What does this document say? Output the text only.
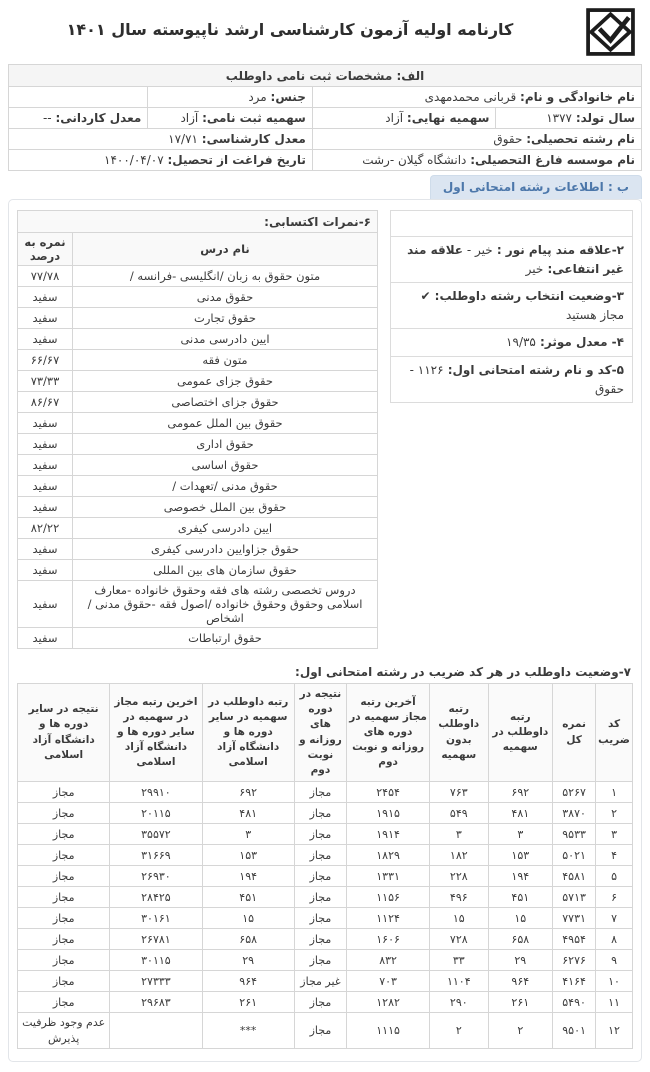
کارنامه اولیه آزمون کارشناسی ارشد ناپیوسته سال ۱۴۰۱
الف: مشخصات ثبت نامی داوطلب			
نام خانوادگی و نام: قربانی محمدمهدی		جنس: مرد	
سال تولد: ۱۳۷۷	سهمیه نهایی: آزاد	سهمیه ثبت نامی: آزاد	معدل کاردانی: --
نام رشته تحصیلی: حقوق		معدل کارشناسی: ۱۷/۷۱	
نام موسسه فارغ التحصیلی: دانشگاه گیلان -رشت		تاریخ فراغت از تحصیل: ۱۴۰۰/۰۴/۰۷	
ب : اطلاعات رشته امتحانی اول
۲-علاقه مند پیام نور : خیر - علاقه مند غیر انتفاعی: خیر
۳-وضعیت انتخاب رشته داوطلب: ✔ مجاز هستید
۴- معدل موثر: ۱۹/۳۵
۵-کد و نام رشته امتحانی اول: ۱۱۲۶ - حقوق
۶-نمرات اکتسابی:	
نام درس	نمره به درصد
متون حقوق به زبان /انگلیسی -فرانسه /	۷۷/۷۸
حقوق مدنی	سفید
حقوق تجارت	سفید
ایین دادرسی مدنی	سفید
متون فقه	۶۶/۶۷
حقوق جزای عمومی	۷۳/۳۳
حقوق جزای اختصاصی	۸۶/۶۷
حقوق بین الملل عمومی	سفید
حقوق اداری	سفید
حقوق اساسی	سفید
حقوق مدنی /تعهدات /	سفید
حقوق بین الملل خصوصی	سفید
ایین دادرسی کیفری	۸۲/۲۲
حقوق جزاوایین دادرسی کیفری	سفید
حقوق سازمان های بین المللی	سفید
دروس تخصصی رشته های فقه وحقوق خانواده -معارف اسلامی وحقوق وحقوق خانواده /اصول فقه -حقوق مدنی /اشخاص	سفید
حقوق ارتباطات	سفید
۷-وضعیت داوطلب در هر کد ضریب در رشته امتحانی اول:
کد ضریب	نمره کل	رتبه داوطلب در سهمیه	رتبه داوطلب بدون سهمیه	آخرین رتبه مجاز سهمیه در دوره های روزانه و نوبت دوم	نتیجه در دوره های روزانه و نوبت دوم	رتبه داوطلب در سهمیه در سایر دوره ها و دانشگاه آزاد اسلامی	اخرین رتبه مجاز در سهمیه در سایر دوره ها و دانشگاه آزاد اسلامی	نتیجه در سایر دوره ها و دانشگاه آزاد اسلامی
۱	۵۲۶۷	۶۹۲	۷۶۳	۲۴۵۴	مجاز	۶۹۲	۲۹۹۱۰	مجاز
۲	۳۸۷۰	۴۸۱	۵۴۹	۱۹۱۵	مجاز	۴۸۱	۲۰۱۱۵	مجاز
۳	۹۵۳۳	۳	۳	۱۹۱۴	مجاز	۳	۳۵۵۷۲	مجاز
۴	۵۰۲۱	۱۵۳	۱۸۲	۱۸۲۹	مجاز	۱۵۳	۳۱۶۶۹	مجاز
۵	۴۵۸۱	۱۹۴	۲۲۸	۱۳۳۱	مجاز	۱۹۴	۲۶۹۳۰	مجاز
۶	۵۷۱۳	۴۵۱	۴۹۶	۱۱۵۶	مجاز	۴۵۱	۲۸۴۲۵	مجاز
۷	۷۷۳۱	۱۵	۱۵	۱۱۲۴	مجاز	۱۵	۳۰۱۶۱	مجاز
۸	۴۹۵۴	۶۵۸	۷۲۸	۱۶۰۶	مجاز	۶۵۸	۲۶۷۸۱	مجاز
۹	۶۲۷۶	۲۹	۳۳	۸۳۲	مجاز	۲۹	۳۰۱۱۵	مجاز
۱۰	۴۱۶۴	۹۶۴	۱۱۰۴	۷۰۳	غیر مجاز	۹۶۴	۲۷۳۳۳	مجاز
۱۱	۵۴۹۰	۲۶۱	۲۹۰	۱۲۸۲	مجاز	۲۶۱	۲۹۶۸۳	مجاز
۱۲	۹۵۰۱	۲	۲	۱۱۱۵	مجاز	***		عدم وجود ظرفیت پذیرش
